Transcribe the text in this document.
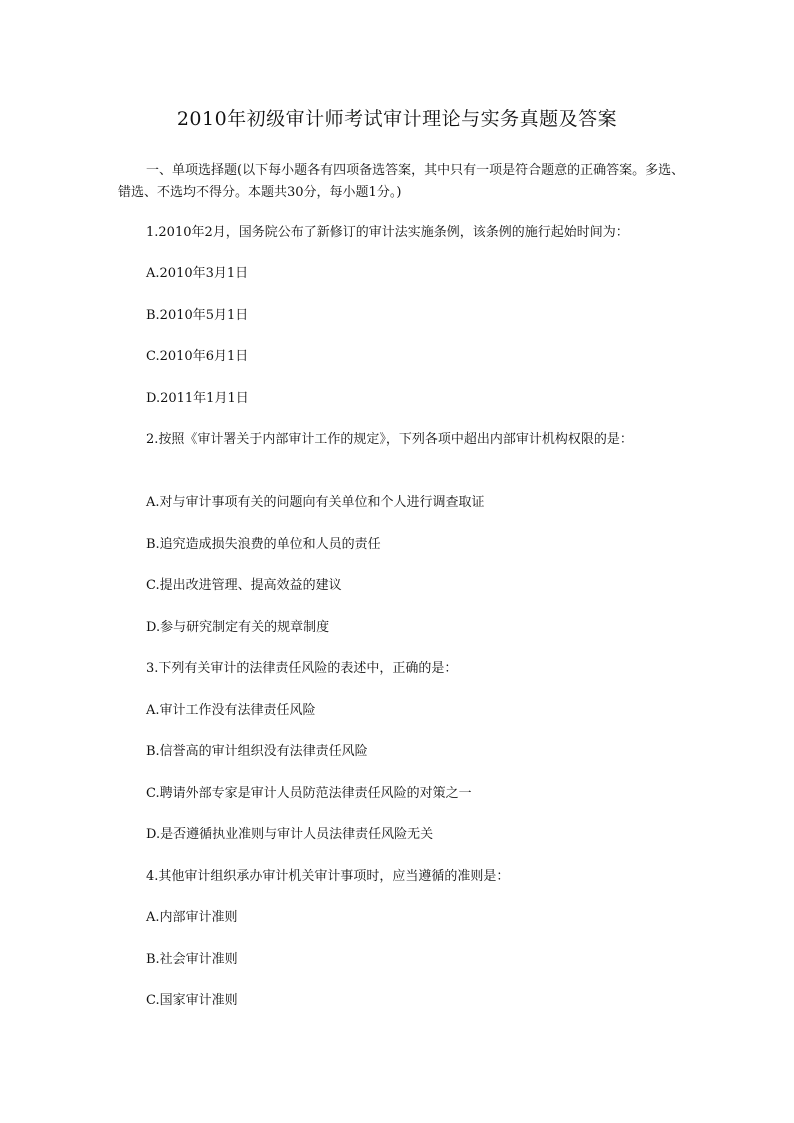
2010年初级审计师考试审计理论与实务真题及答案
一、单项选择题(以下每小题各有四项备选答案，其中只有一项是符合题意的正确答案。多选、错选、不选均不得分。本题共30分，每小题1分。)
1.2010年2月，国务院公布了新修订的审计法实施条例，该条例的施行起始时间为：
A.2010年3月1日
B.2010年5月1日
C.2010年6月1日
D.2011年1月1日
2.按照《审计署关于内部审计工作的规定》，下列各项中超出内部审计机构权限的是：
A.对与审计事项有关的问题向有关单位和个人进行调查取证
B.追究造成损失浪费的单位和人员的责任
C.提出改进管理、提高效益的建议
D.参与研究制定有关的规章制度
3.下列有关审计的法律责任风险的表述中，正确的是：
A.审计工作没有法律责任风险
B.信誉高的审计组织没有法律责任风险
C.聘请外部专家是审计人员防范法律责任风险的对策之一
D.是否遵循执业准则与审计人员法律责任风险无关
4.其他审计组织承办审计机关审计事项时，应当遵循的准则是：
A.内部审计准则
B.社会审计准则
C.国家审计准则
